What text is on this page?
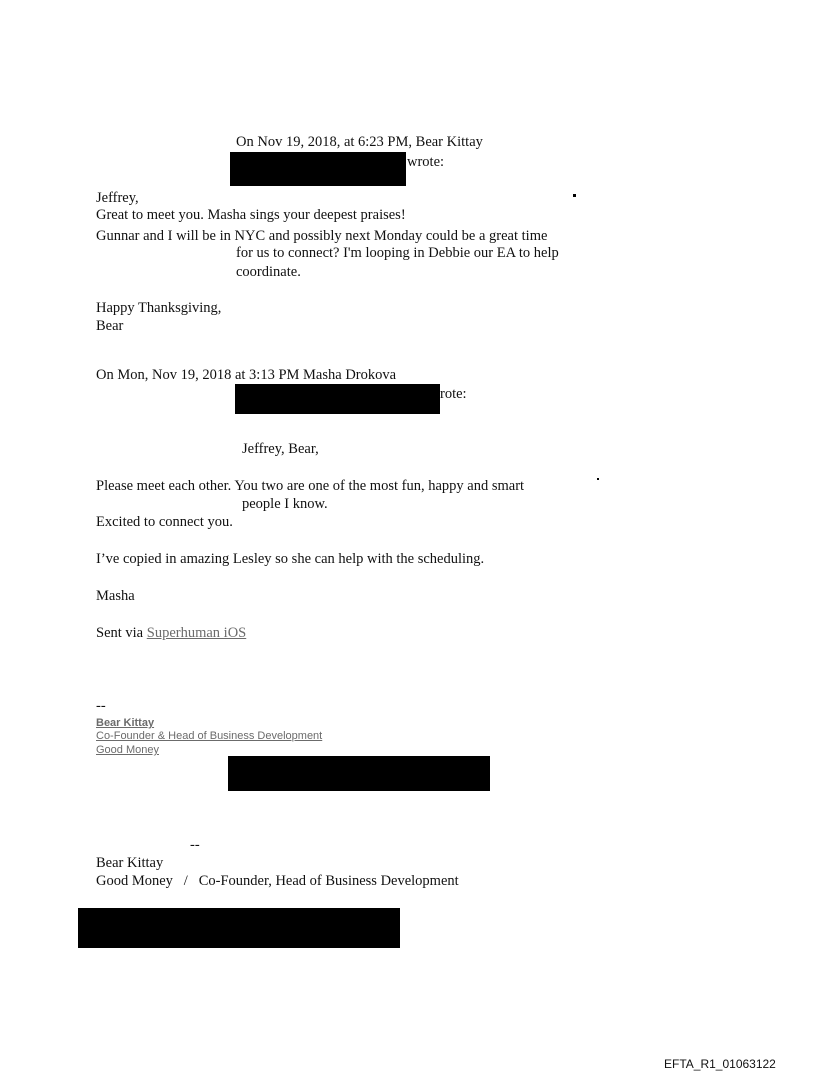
On Nov 19, 2018, at 6:23 PM, Bear Kittay
wrote:
Jeffrey,
Great to meet you. Masha sings your deepest praises!
Gunnar and I will be in NYC and possibly next Monday could be a great time
for us to connect? I'm looping in Debbie our EA to help
coordinate.
Happy Thanksgiving,
Bear
On Mon, Nov 19, 2018 at 3:13 PM Masha Drokova
rote:
Jeffrey, Bear,
Please meet each other. You two are one of the most fun, happy and smart
people I know.
Excited to connect you.
I’ve copied in amazing Lesley so she can help with the scheduling.
Masha
Sent via Superhuman iOS
--
Bear Kittay
Co-Founder & Head of Business Development
Good Money
--
Bear Kittay
Good Money   /   Co-Founder, Head of Business Development
EFTA_R1_01063122
